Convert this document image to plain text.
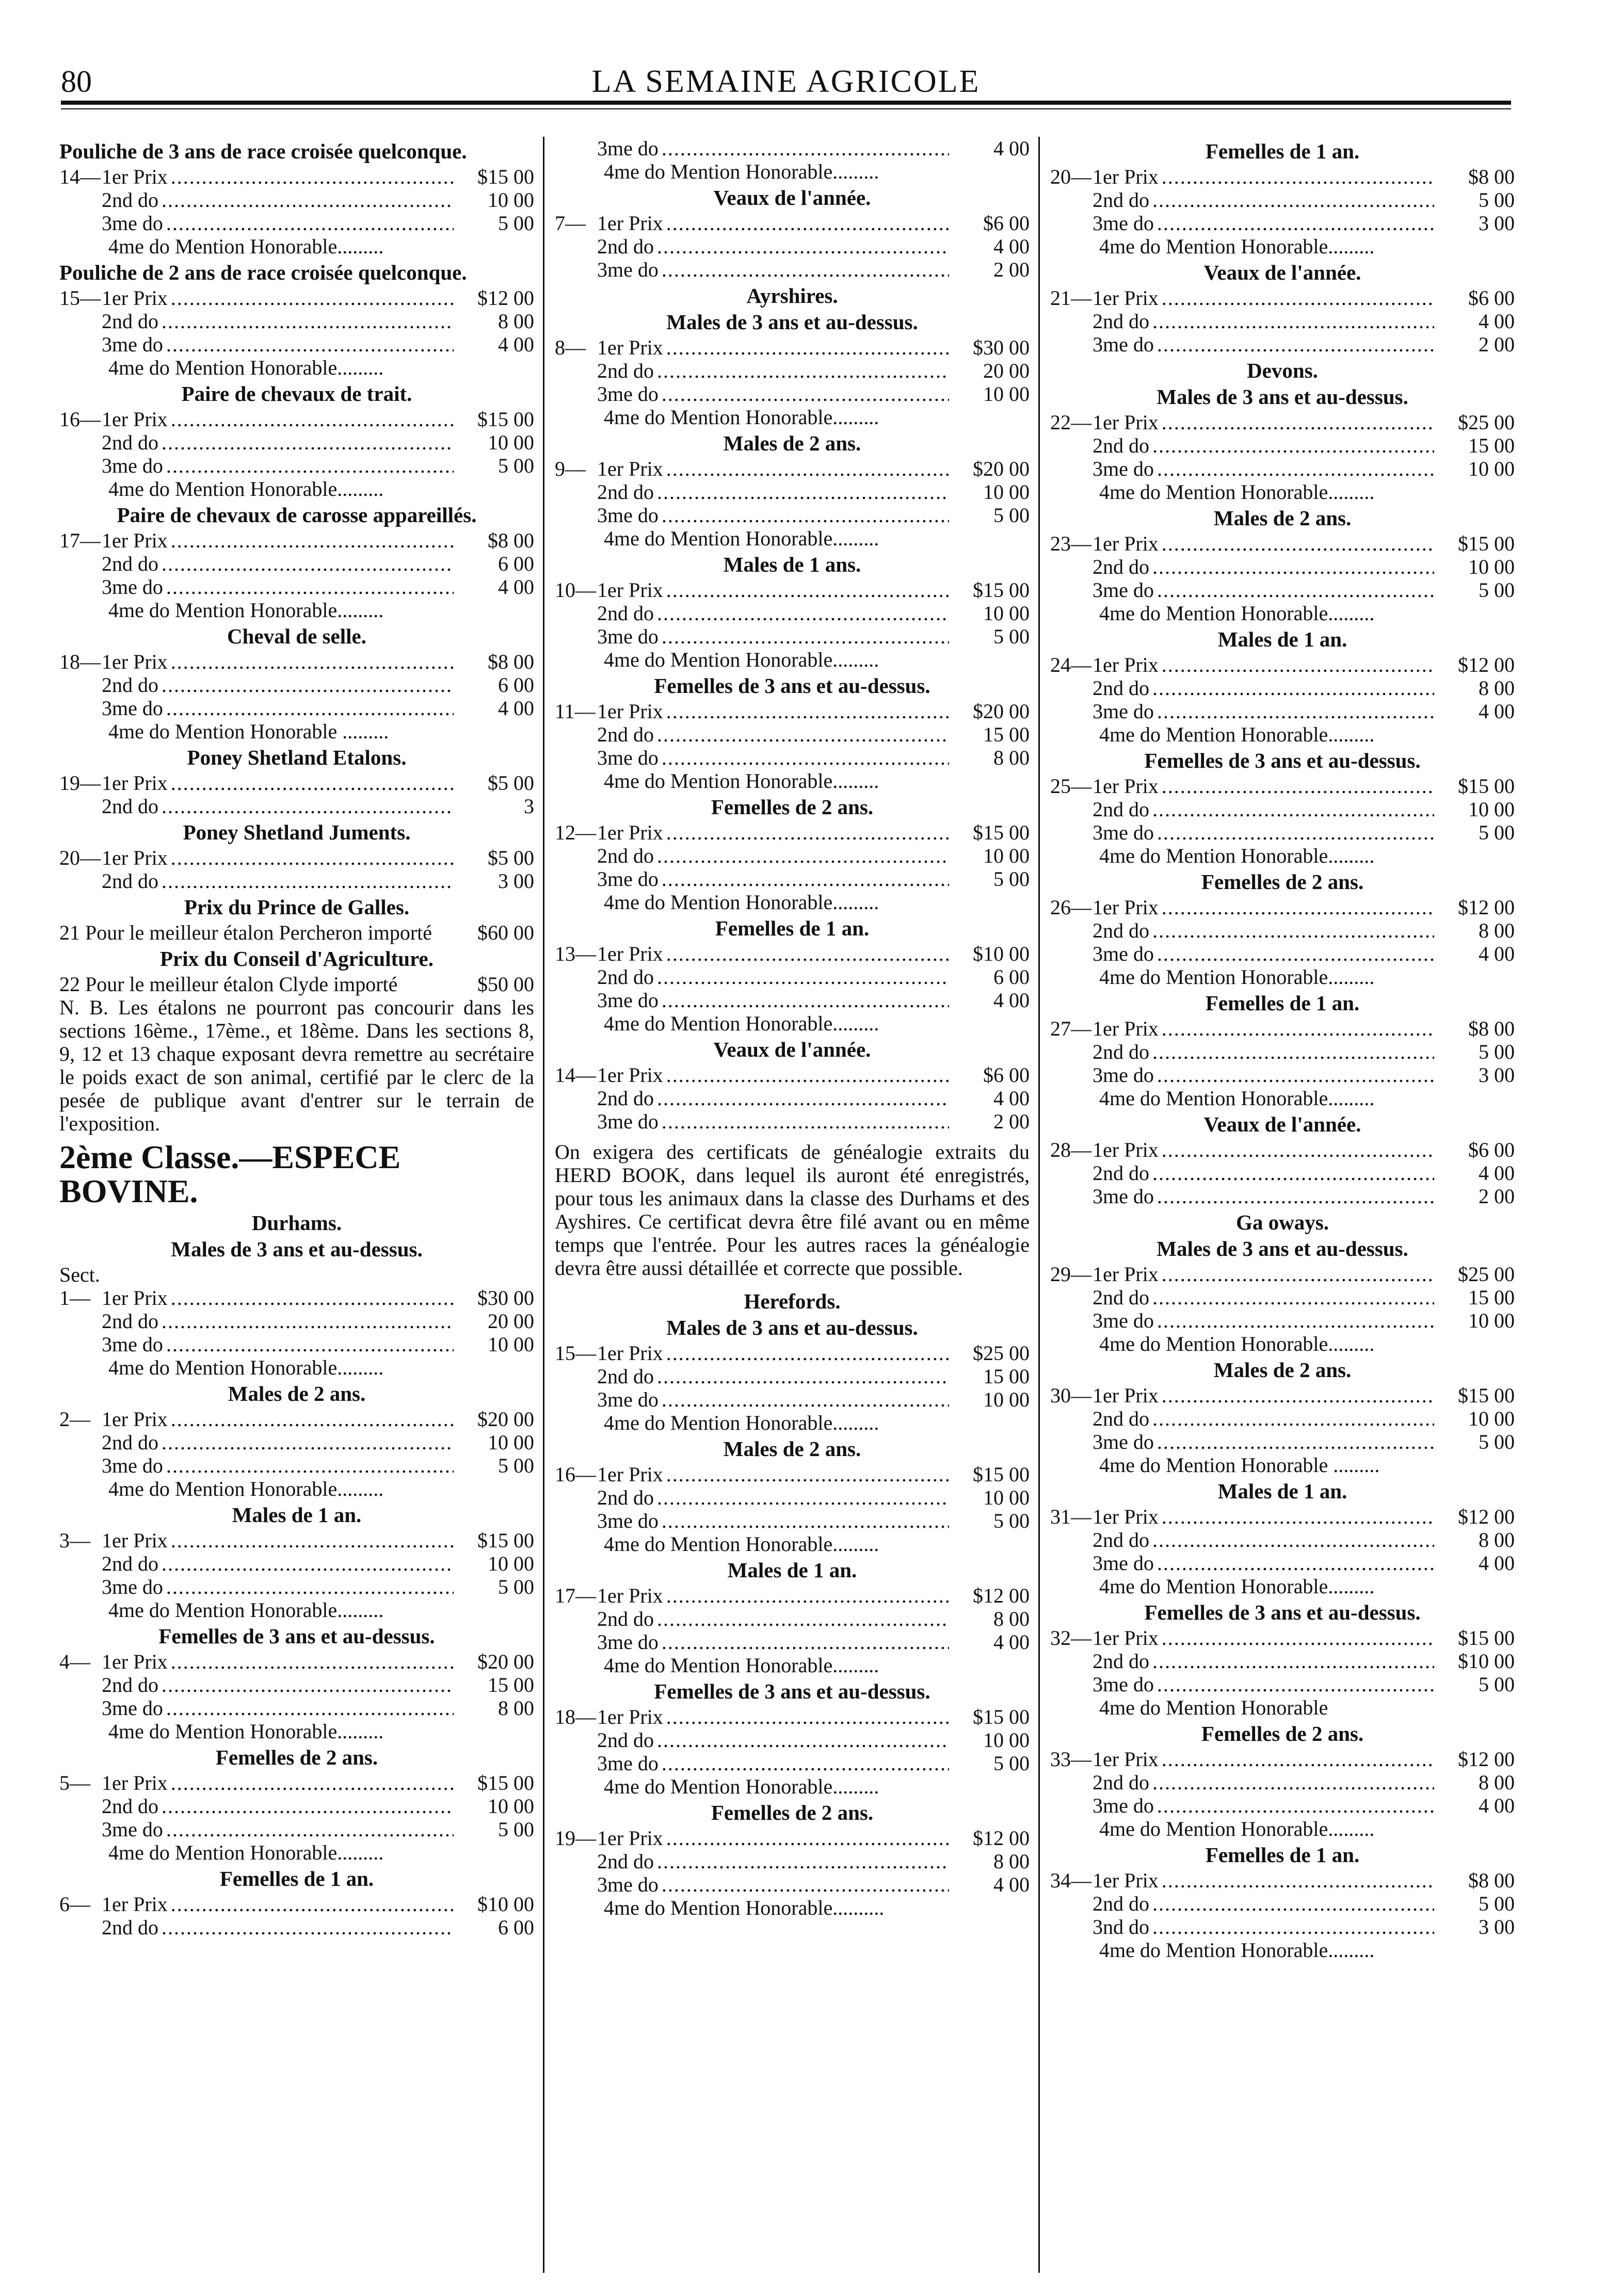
LA SEMAINE AGRICOLE
80
Pouliche de 3 ans de race croisée quelconque.
14— 1er Prix .....	$15 00
2nd do .....	10 00
3me do .....	5 00
4me do Mention Honorable.........
Pouliche de 2 ans de race croisée quelconque.
15— 1er Prix .....	$12 00
2nd do .....	8 00
3me do .....	4 00
4me do Mention Honorable.........
Paire de chevaux de trait.
16— 1er Prix .....	$15 00
2nd do .....	10 00
3me do .....	5 00
4me do Mention Honorable.........
Paire de chevaux de carosse appareillés.
17— 1er Prix .....	$8 00
2nd do .....	6 00
3me do .....	4 00
4me do Mention Honorable.........
Cheval de selle.
18— 1er Prix .....	$8 00
2nd do .....	6 00
3me do .....	4 00
4me do Mention Honorable .........
Poney Shetland Etalons.
19— 1er Prix .....	$5 00
2nd do .....	3
Poney Shetland Juments.
20— 1er Prix .....	$5 00
2nd do .....	3 00
Prix du Prince de Galles.
21 Pour le meilleur étalon Percheron importé	$60 00
Prix du Conseil d'Agriculture.
22 Pour le meilleur étalon Clyde importé	$50 00
N. B. Les étalons ne pourront pas concourir dans les sections 16ème., 17ème., et 18ème. Dans les sections 8, 9, 12 et 13 chaque exposant devra remettre au secrétaire le poids exact de son animal, certifié par le clerc de la pesée de publique avant d'entrer sur le terrain de l'exposition.
2ème Classe.—ESPECE BOVINE.
Durhams.
Males de 3 ans et au-dessus.
Sect.
1— 1er Prix .....	$30 00
2nd do .....	20 00
3me do .....	10 00
4me do Mention Honorable.........
Males de 2 ans.
2— 1er Prix .....	$20 00
2nd do .....	10 00
3me do .....	5 00
4me do Mention Honorable.........
Males de 1 an.
3— 1er Prix .....	$15 00
2nd do .....	10 00
3me do .....	5 00
4me do Mention Honorable.........
Femelles de 3 ans et au-dessus.
4— 1er Prix .....	$20 00
2nd do .....	15 00
3me do .....	8 00
4me do Mention Honorable.........
Femelles de 2 ans.
5— 1er Prix .....	$15 00
2nd do .....	10 00
3me do .....	5 00
4me do Mention Honorable.........
Femelles de 1 an.
6— 1er Prix .....	$10 00
2nd do .....	6 00
3me do .....	4 00
4me do Mention Honorable.........
Veaux de l'année.
7— 1er Prix .....	$6 00
2nd do .....	4 00
3me do .....	2 00
Ayrshires.
Males de 3 ans et au-dessus.
8— 1er Prix .....	$30 00
2nd do .....	20 00
3me do .....	10 00
4me do Mention Honorable.........
Males de 2 ans.
9— 1er Prix .....	$20 00
2nd do .....	10 00
3me do .....	5 00
4me do Mention Honorable.........
Males de 1 ans.
10— 1er Prix .....	$15 00
2nd do .....	10 00
3me do .....	5 00
4me do Mention Honorable.........
Femelles de 3 ans et au-dessus.
11— 1er Prix .....	$20 00
2nd do .....	15 00
3me do .....	8 00
4me do Mention Honorable.........
Femelles de 2 ans.
12— 1er Prix .....	$15 00
2nd do .....	10 00
3me do .....	5 00
4me do Mention Honorable.........
Femelles de 1 an.
13— 1er Prix .....	$10 00
2nd do .....	6 00
3me do .....	4 00
4me do Mention Honorable.........
Veaux de l'année.
14— 1er Prix .....	$6 00
2nd do .....	4 00
3me do .....	2 00
On exigera des certificats de généalogie extraits du HERD BOOK, dans lequel ils auront été enregistrés, pour tous les animaux dans la classe des Durhams et des Ayshires. Ce certificat devra être filé avant ou en même temps que l'entrée. Pour les autres races la généalogie devra être aussi détaillée et correcte que possible.
Herefords.
Males de 3 ans et au-dessus.
15— 1er Prix .....	$25 00
2nd do .....	15 00
3me do .....	10 00
4me do Mention Honorable.........
Males de 2 ans.
16— 1er Prix .....	$15 00
2nd do .....	10 00
3me do .....	5 00
4me do Mention Honorable.........
Males de 1 an.
17— 1er Prix .....	$12 00
2nd do .....	8 00
3me do .....	4 00
4me do Mention Honorable.........
Femelles de 3 ans et au-dessus.
18— 1er Prix .....	$15 00
2nd do .....	10 00
3me do .....	5 00
4me do Mention Honorable.........
Femelles de 2 ans.
19— 1er Prix .....	$12 00
2nd do .....	8 00
3me do .....	4 00
4me do Mention Honorable..........
Femelles de 1 an.
20— 1er Prix .....	$8 00
2nd do .....	5 00
3me do .....	3 00
4me do Mention Honorable.........
Veaux de l'année.
21— 1er Prix .....	$6 00
2nd do .....	4 00
3me do .....	2 00
Devons.
Males de 3 ans et au-dessus.
22— 1er Prix .....	$25 00
2nd do .....	15 00
3me do .....	10 00
4me do Mention Honorable.........
Males de 2 ans.
23— 1er Prix .....	$15 00
2nd do .....	10 00
3me do .....	5 00
4me do Mention Honorable.........
Males de 1 an.
24— 1er Prix .....	$12 00
2nd do .....	8 00
3me do .....	4 00
4me do Mention Honorable.........
Femelles de 3 ans et au-dessus.
25— 1er Prix .....	$15 00
2nd do .....	10 00
3me do .....	5 00
4me do Mention Honorable.........
Femelles de 2 ans.
26— 1er Prix .....	$12 00
2nd do .....	8 00
3me do .....	4 00
4me do Mention Honorable.........
Femelles de 1 an.
27— 1er Prix .....	$8 00
2nd do .....	5 00
3me do .....	3 00
4me do Mention Honorable.........
Veaux de l'année.
28— 1er Prix .....	$6 00
2nd do .....	4 00
3me do .....	2 00
Ga oways.
Males de 3 ans et au-dessus.
29— 1er Prix .....	$25 00
2nd do .....	15 00
3me do .....	10 00
4me do Mention Honorable.........
Males de 2 ans.
30— 1er Prix .....	$15 00
2nd do .....	10 00
3me do .....	5 00
4me do Mention Honorable .........
Males de 1 an.
31— 1er Prix .....	$12 00
2nd do .....	8 00
3me do .....	4 00
4me do Mention Honorable.........
Femelles de 3 ans et au-dessus.
32— 1er Prix .....	$15 00
2nd do .....	$10 00
3me do .....	5 00
4me do Mention Honorable
Femelles de 2 ans.
33— 1er Prix .....	$12 00
2nd do .....	8 00
3me do .....	4 00
4me do Mention Honorable.........
Femelles de 1 an.
34— 1er Prix .....	$8 00
2nd do .....	5 00
3nd do .....	3 00
4me do Mention Honorable.........
